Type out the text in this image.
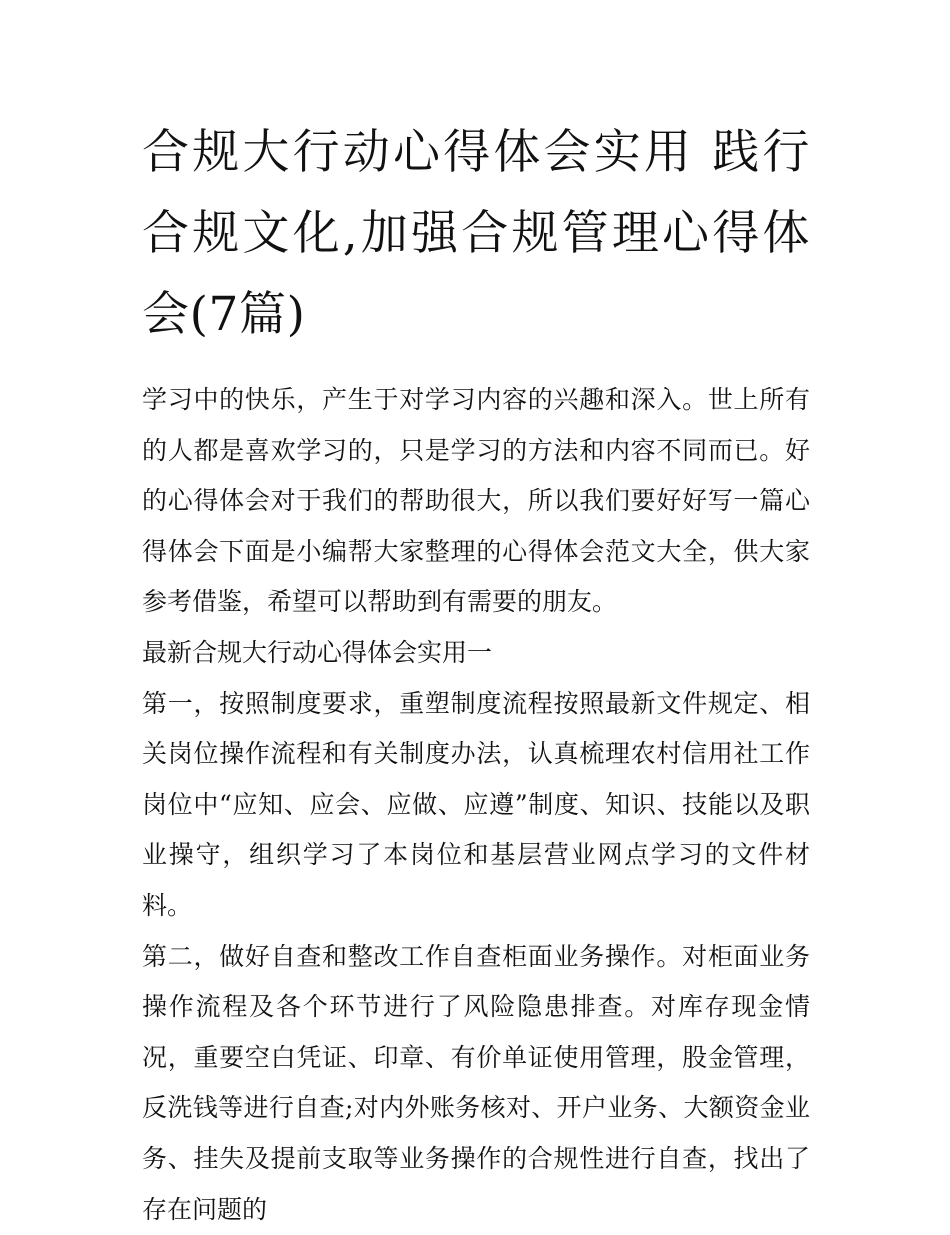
合规大行动心得体会实用 践行合规文化,加强合规管理心得体会(7篇)

学习中的快乐，产生于对学习内容的兴趣和深入。世上所有的人都是喜欢学习的，只是学习的方法和内容不同而已。好的心得体会对于我们的帮助很大，所以我们要好好写一篇心得体会下面是小编帮大家整理的心得体会范文大全，供大家参考借鉴，希望可以帮助到有需要的朋友。

最新合规大行动心得体会实用一

第一，按照制度要求，重塑制度流程按照最新文件规定、相关岗位操作流程和有关制度办法，认真梳理农村信用社工作岗位中“应知、应会、应做、应遵”制度、知识、技能以及职业操守，组织学习了本岗位和基层营业网点学习的文件材料。

第二，做好自查和整改工作自查柜面业务操作。对柜面业务操作流程及各个环节进行了风险隐患排查。对库存现金情况，重要空白凭证、印章、有价单证使用管理，股金管理，反洗钱等进行自查;对内外账务核对、开户业务、大额资金业务、挂失及提前支取等业务操作的合规性进行自查，找出了存在问题的
